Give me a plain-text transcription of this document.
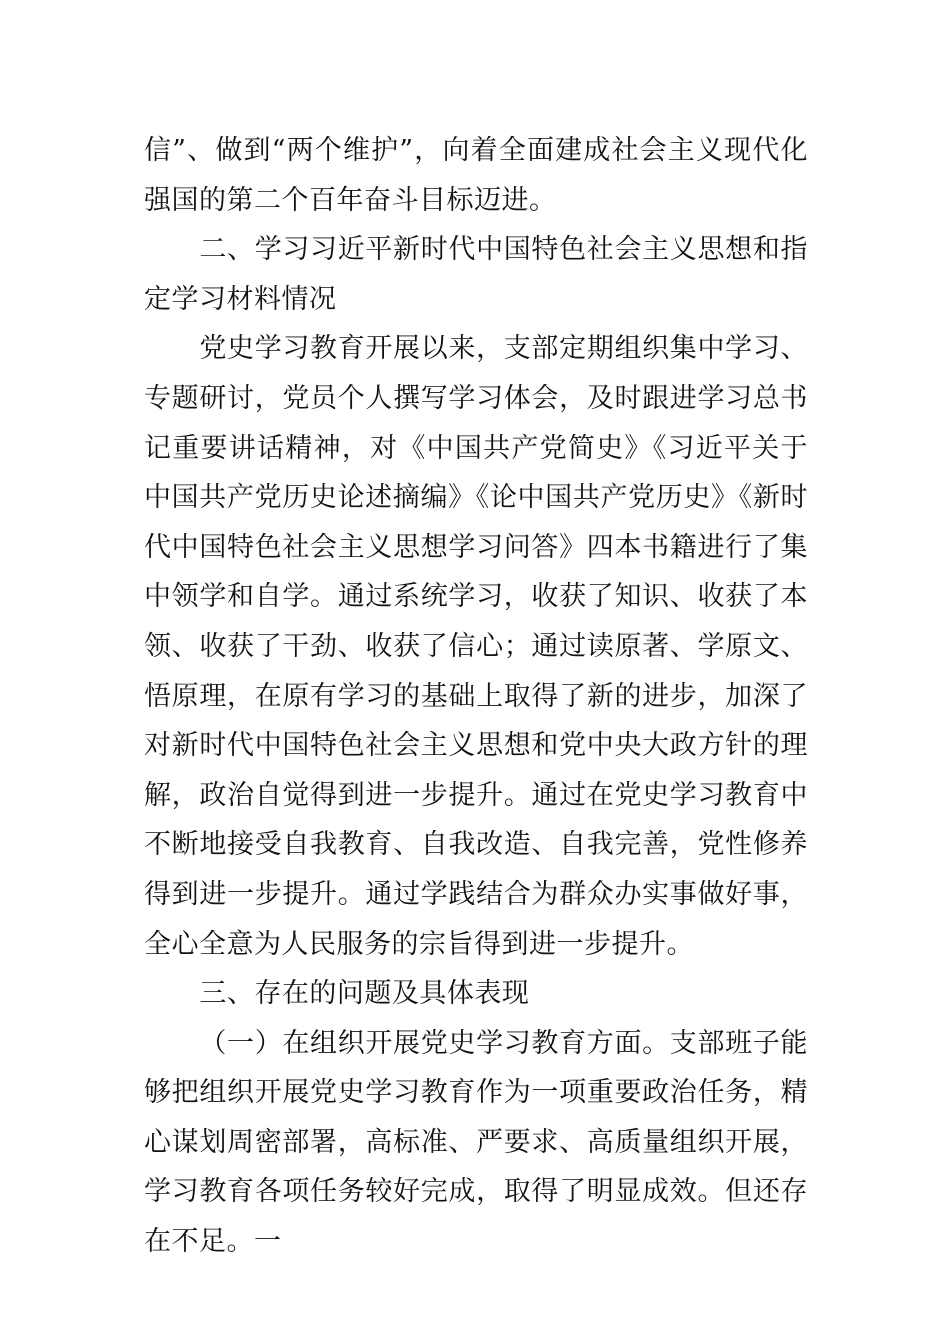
信”、做到“两个维护”，向着全面建成社会主义现代化强国的第二个百年奋斗目标迈进。

二、学习习近平新时代中国特色社会主义思想和指定学习材料情况

党史学习教育开展以来，支部定期组织集中学习、专题研讨，党员个人撰写学习体会，及时跟进学习总书记重要讲话精神，对《中国共产党简史》《习近平关于中国共产党历史论述摘编》《论中国共产党历史》《新时代中国特色社会主义思想学习问答》四本书籍进行了集中领学和自学。通过系统学习，收获了知识、收获了本领、收获了干劲、收获了信心；通过读原著、学原文、悟原理，在原有学习的基础上取得了新的进步，加深了对新时代中国特色社会主义思想和党中央大政方针的理解，政治自觉得到进一步提升。通过在党史学习教育中不断地接受自我教育、自我改造、自我完善，党性修养得到进一步提升。通过学践结合为群众办实事做好事，全心全意为人民服务的宗旨得到进一步提升。

三、存在的问题及具体表现

（一）在组织开展党史学习教育方面。支部班子能够把组织开展党史学习教育作为一项重要政治任务，精心谋划周密部署，高标准、严要求、高质量组织开展，学习教育各项任务较好完成，取得了明显成效。但还存在不足。一
